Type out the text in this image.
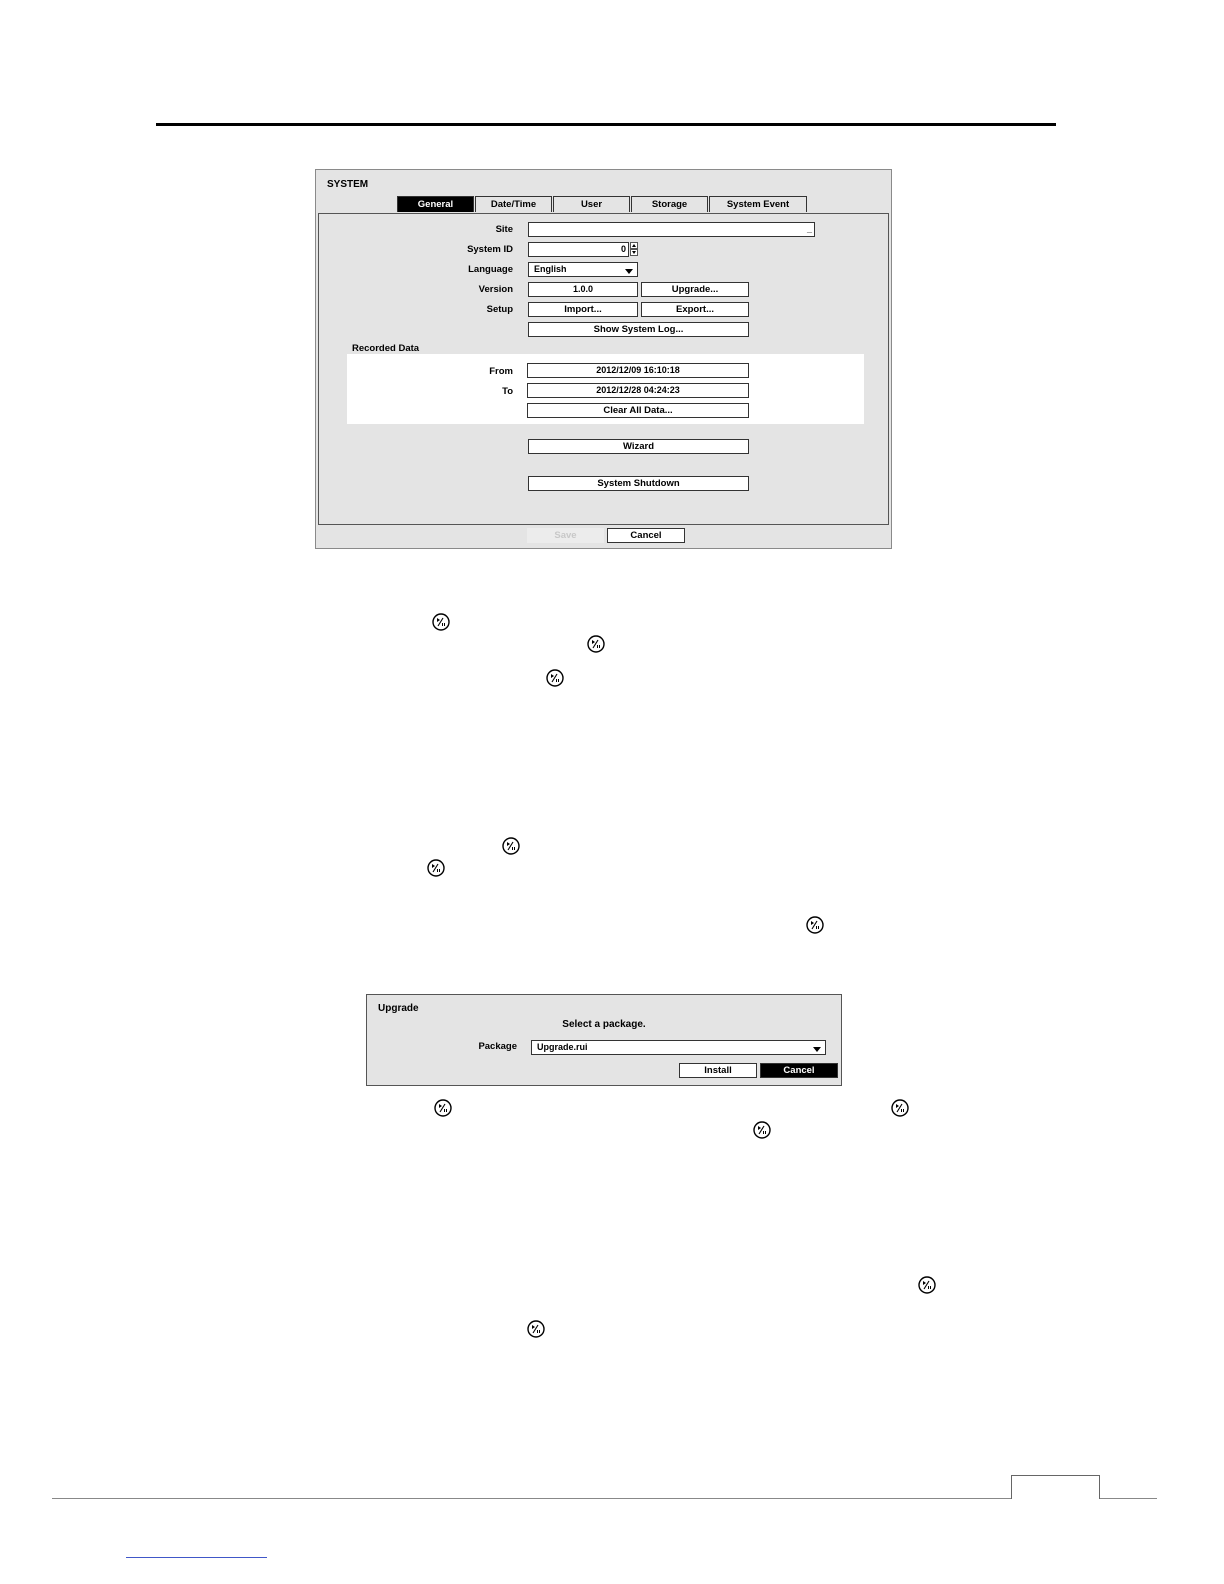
SYSTEM
General	Date/Time	User	Storage	System Event
Site	_
System ID	0
Language	English
Version	1.0.0	Upgrade...
Setup	Import...	Export...
Show System Log...
Recorded Data
From	2012/12/09 16:10:18
To	2012/12/28 04:24:23
Clear All Data...
Wizard
System Shutdown
Save	Cancel
Upgrade
Select a package.
Package	Upgrade.rui
Install	Cancel
